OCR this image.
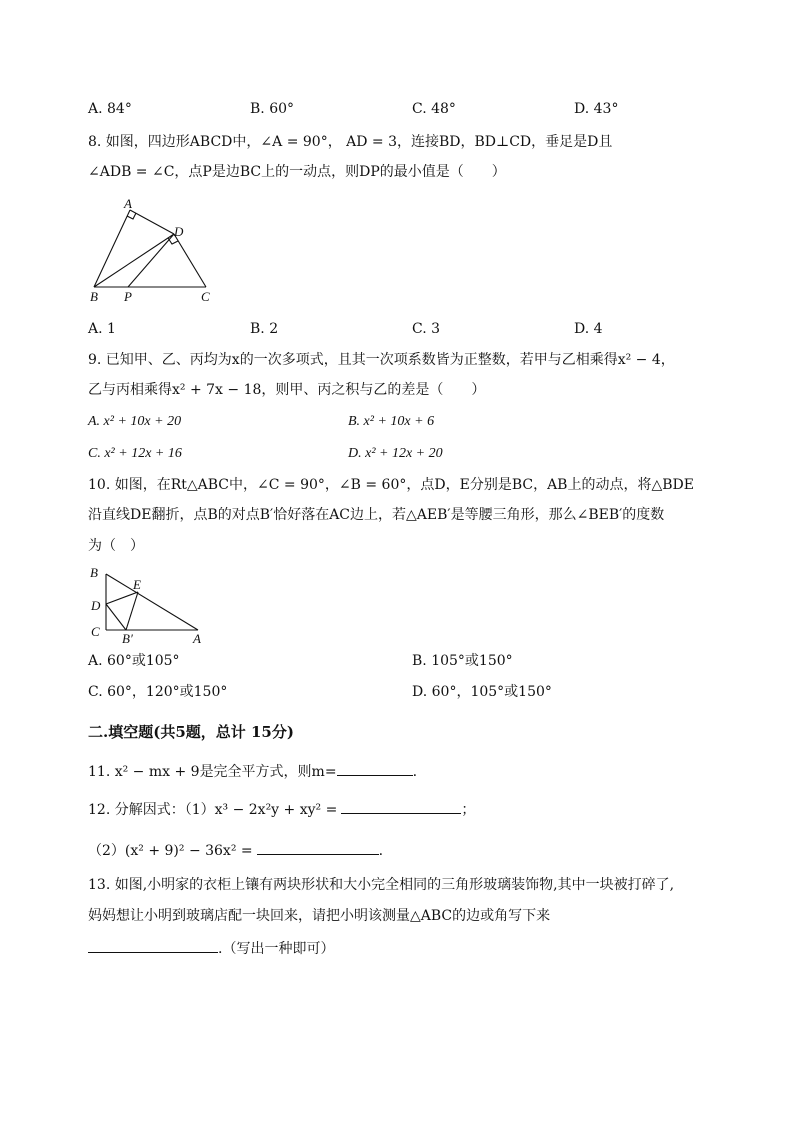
A. 84°	B. 60°	C. 48°	D. 43°
8. 如图，四边形ABCD中，∠A = 90°， AD = 3，连接BD，BD⊥CD，垂足是D且
∠ADB = ∠C，点P是边BC上的一动点，则DP的最小值是（　　）
A
D
B P	C
A. 1	B. 2	C. 3	D. 4
9. 已知甲、乙、丙均为x的一次多项式，且其一次项系数皆为正整数，若甲与乙相乘得x² − 4，
乙与丙相乘得x² + 7x − 18，则甲、丙之积与乙的差是（　　）
A. x² + 10x + 20	B. x² + 10x + 6
C. x² + 12x + 16	D. x² + 12x + 20
10. 如图，在Rt△ABC中，∠C = 90°，∠B = 60°，点D，E分别是BC，AB上的动点，将△BDE
沿直线DE翻折，点B的对点B′恰好落在AC边上，若△AEB′是等腰三角形，那么∠BEB′的度数
为（　）
B
E
D
C B′	A
A. 60°或105°	B. 105°或150°
C. 60°，120°或150°	D. 60°，105°或150°
二.填空题(共5题，总计 15分)
11. x² − mx + 9是完全平方式，则m=	.
12. 分解因式：（1）x³ − 2x²y + xy² =	；
（2）(x² + 9)² − 36x² =	.
13. 如图,小明家的衣柜上镶有两块形状和大小完全相同的三角形玻璃装饰物,其中一块被打碎了,
妈妈想让小明到玻璃店配一块回来，请把小明该测量△ABC的边或角写下来
.（写出一种即可）
